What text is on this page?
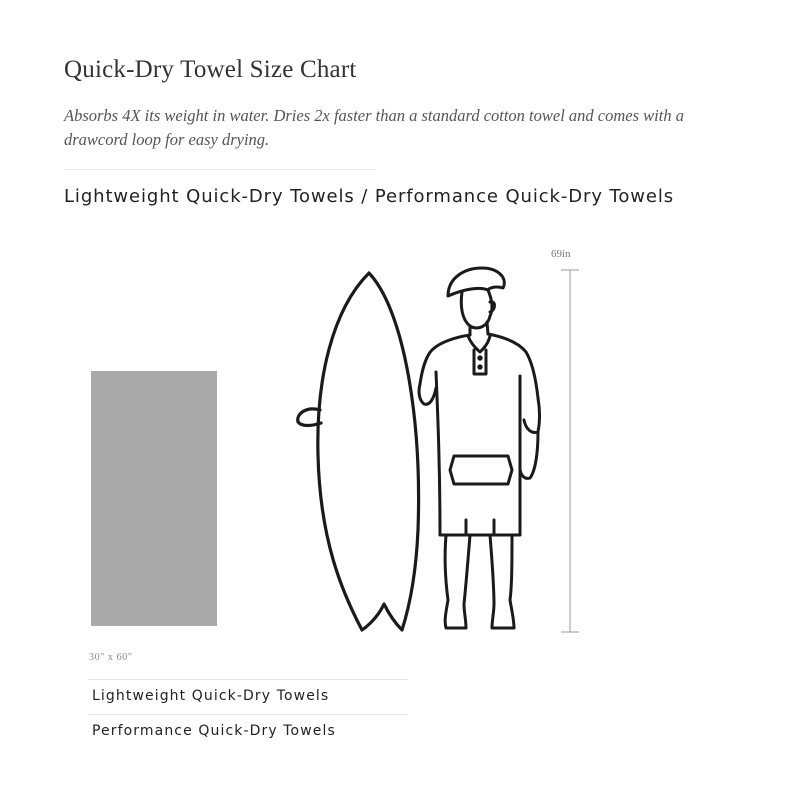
Quick-Dry Towel Size Chart
Absorbs 4X its weight in water. Dries 2x faster than a standard cotton towel and comes with a drawcord loop for easy drying.
Lightweight Quick-Dry Towels / Performance Quick-Dry Towels
30" x 60"
69in
Lightweight Quick-Dry Towels
Performance Quick-Dry Towels
